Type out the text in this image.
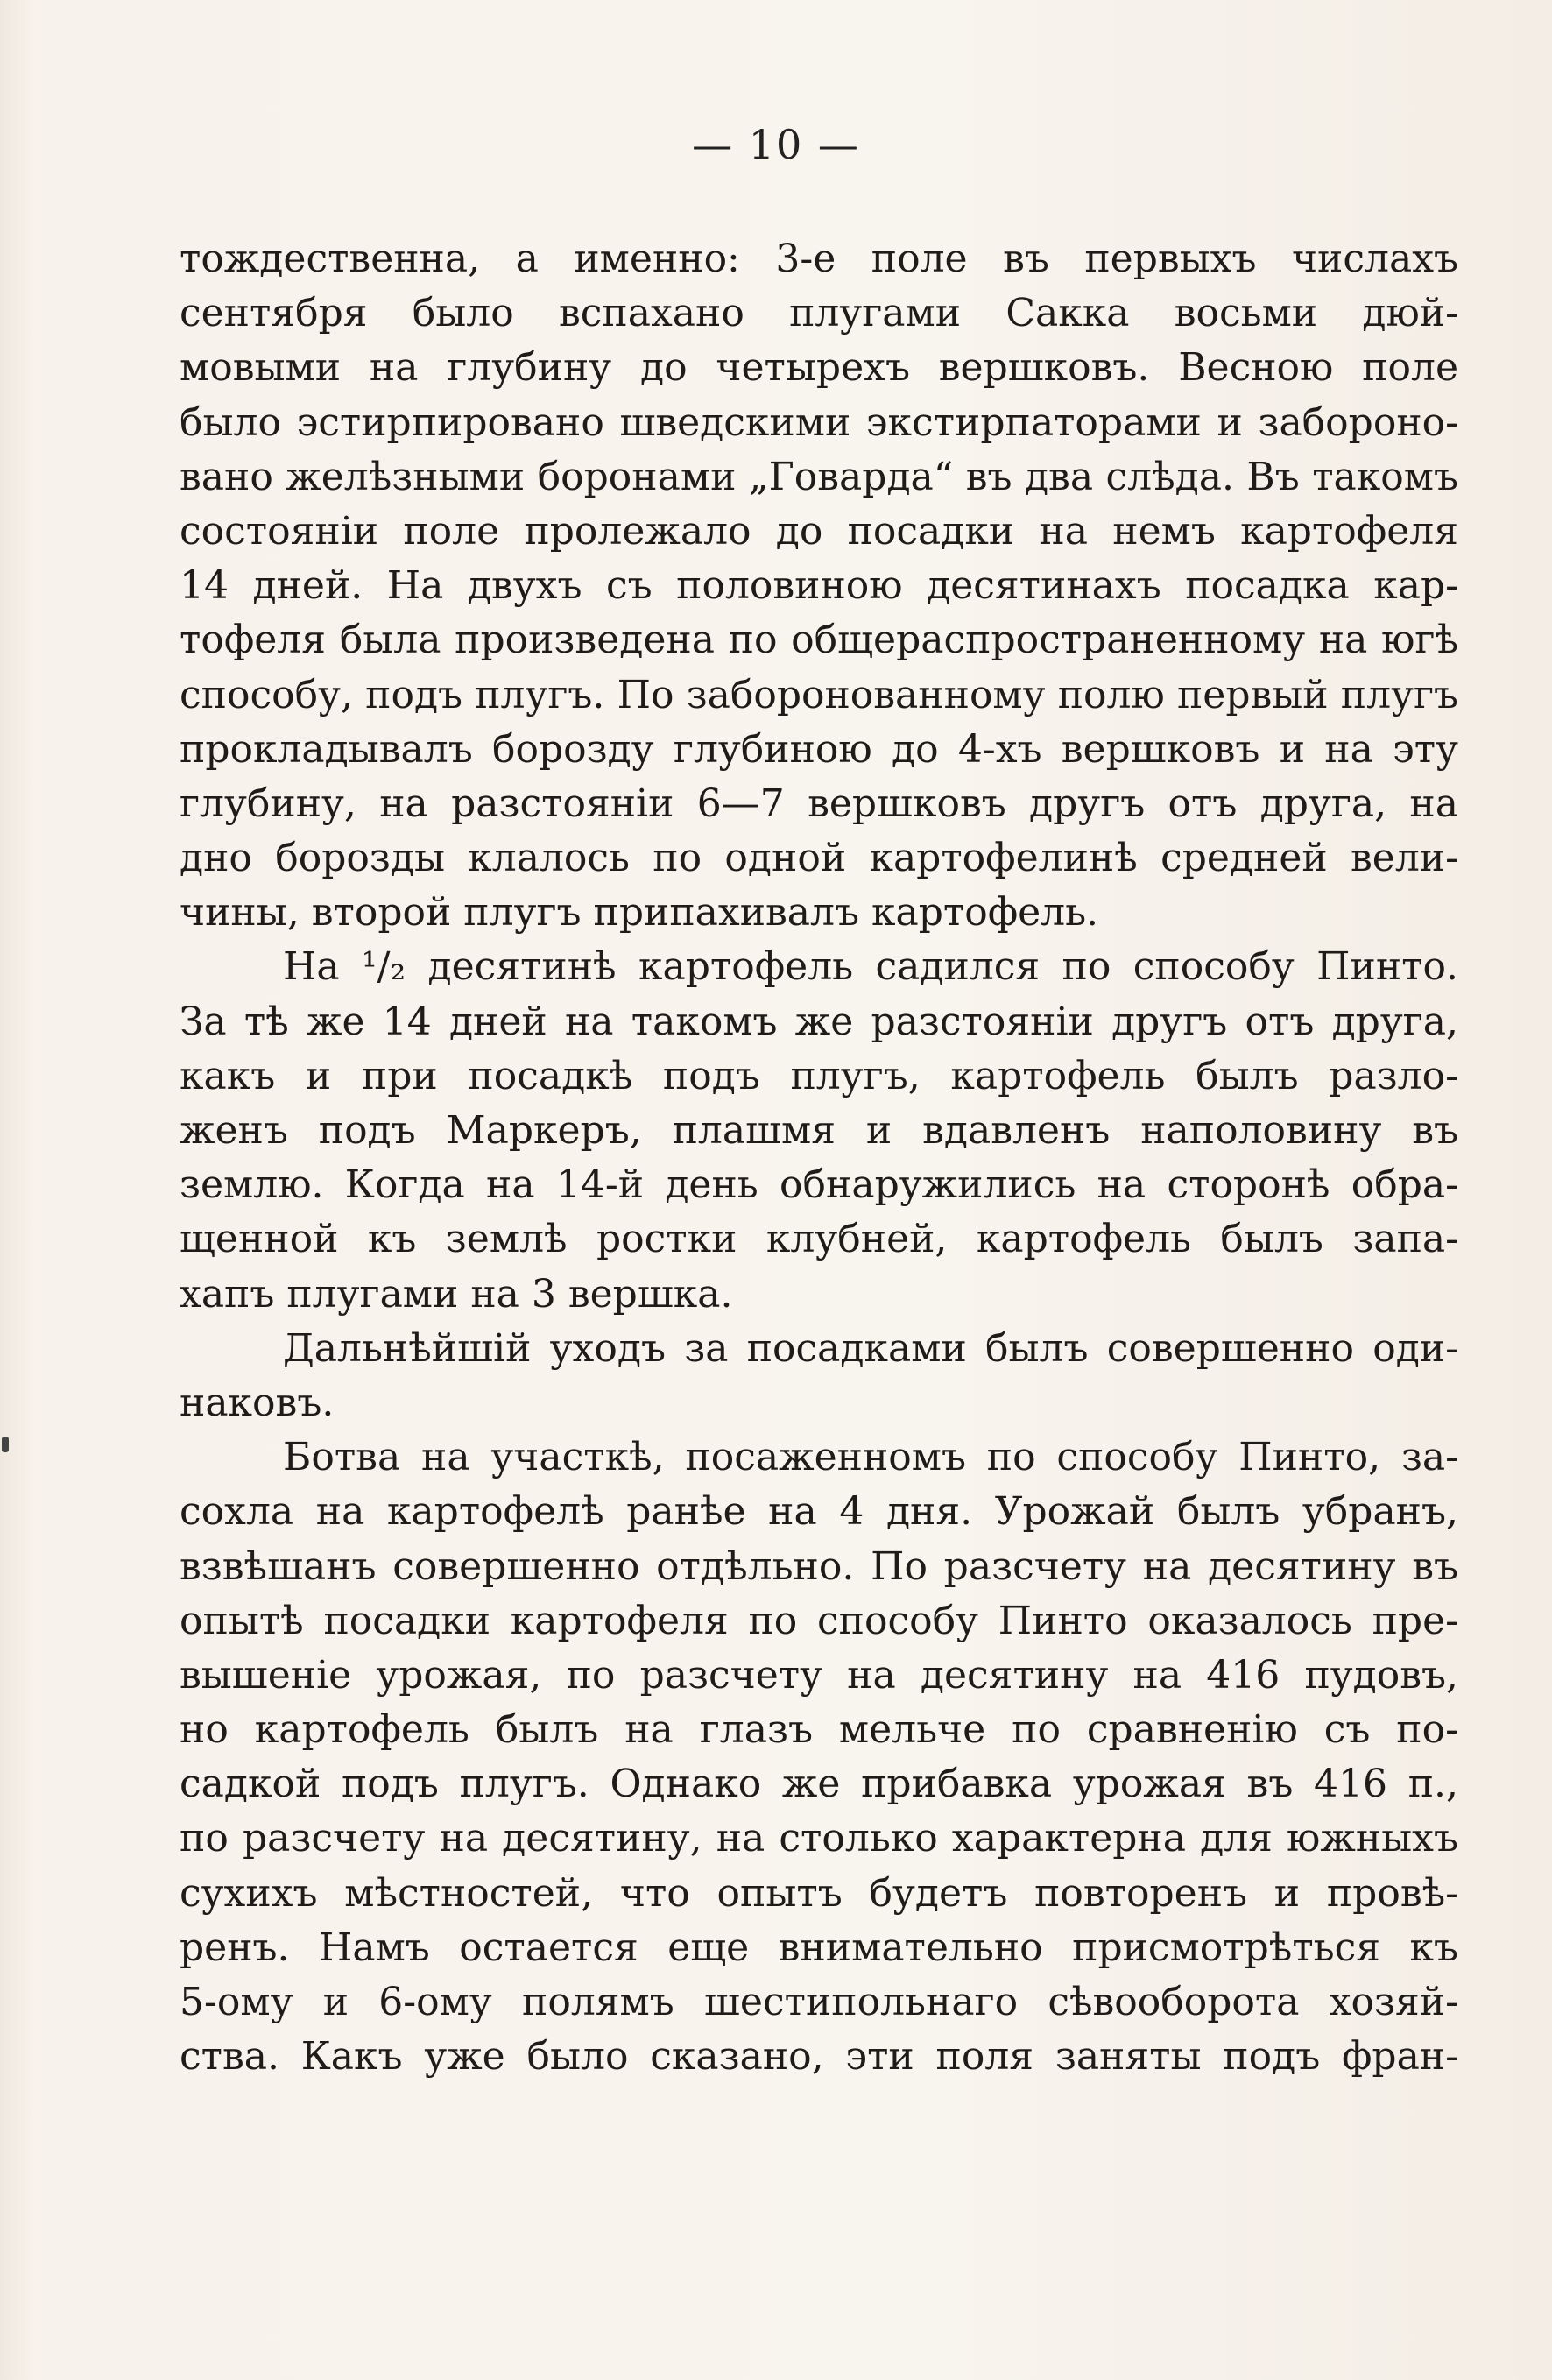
— 10 —
тождественна, а именно: 3-е поле въ первыхъ числахъ
сентября было вспахано плугами Сакка восьми дюй-
мовыми на глубину до четырехъ вершковъ. Весною поле
было эстирпировано шведскими экстирпаторами и забороно-
вано желѣзными боронами „Говарда“ въ два слѣда. Въ такомъ
состояніи поле пролежало до посадки на немъ картофеля
14 дней. На двухъ съ половиною десятинахъ посадка кар-
тофеля была произведена по общераспространенному на югѣ
способу, подъ плугъ. По заборонованному полю первый плугъ
прокладывалъ борозду глубиною до 4-хъ вершковъ и на эту
глубину, на разстояніи 6—7 вершковъ другъ отъ друга, на
дно борозды клалось по одной картофелинѣ средней вели-
чины, второй плугъ припахивалъ картофель.
На ¹/₂ десятинѣ картофель садился по способу Пинто.
За тѣ же 14 дней на такомъ же разстояніи другъ отъ друга,
какъ и при посадкѣ подъ плугъ, картофель былъ разло-
женъ подъ Маркеръ, плашмя и вдавленъ наполовину въ
землю. Когда на 14-й день обнаружились на сторонѣ обра-
щенной къ землѣ ростки клубней, картофель былъ запа-
хапъ плугами на 3 вершка.
Дальнѣйшій уходъ за посадками былъ совершенно оди-
наковъ.
Ботва на участкѣ, посаженномъ по способу Пинто, за-
сохла на картофелѣ ранѣе на 4 дня. Урожай былъ убранъ,
взвѣшанъ совершенно отдѣльно. По разсчету на десятину въ
опытѣ посадки картофеля по способу Пинто оказалось пре-
вышеніе урожая, по разсчету на десятину на 416 пудовъ,
но картофель былъ на глазъ мельче по сравненію съ по-
садкой подъ плугъ. Однако же прибавка урожая въ 416 п.,
по разсчету на десятину, на столько характерна для южныхъ
сухихъ мѣстностей, что опытъ будетъ повторенъ и провѣ-
ренъ. Намъ остается еще внимательно присмотрѣться къ
5-ому и 6-ому полямъ шестипольнаго сѣвооборота хозяй-
ства. Какъ уже было сказано, эти поля заняты подъ фран-
